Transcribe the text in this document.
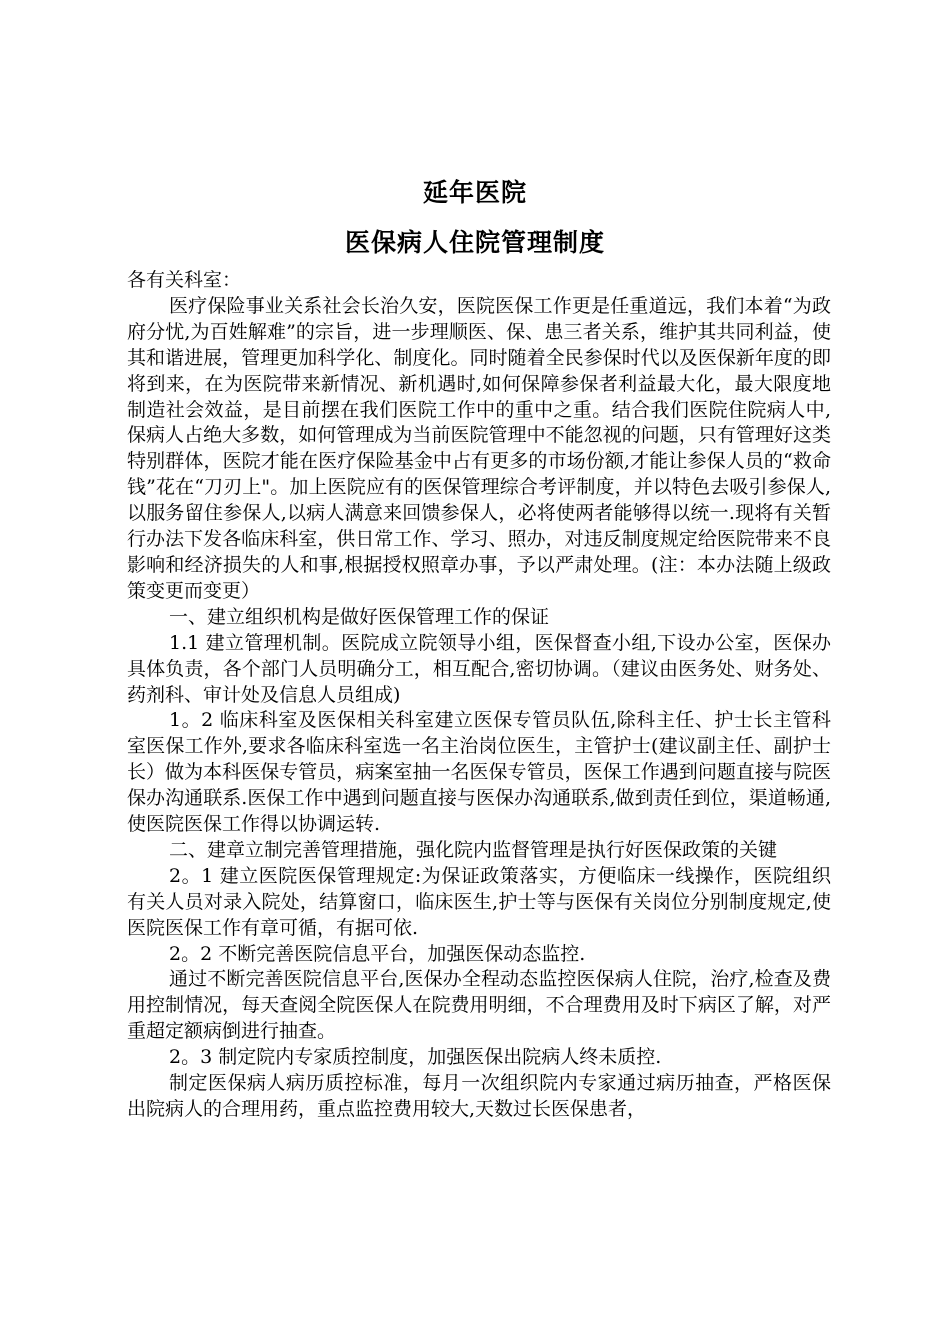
延年医院
医保病人住院管理制度

各有关科室：

医疗保险事业关系社会长治久安，医院医保工作更是任重道远，我们本着“为政府分忧,为百姓解难”的宗旨，进一步理顺医、保、患三者关系，维护其共同利益，使其和谐进展，管理更加科学化、制度化。同时随着全民参保时代以及医保新年度的即将到来，在为医院带来新情况、新机遇时,如何保障参保者利益最大化，最大限度地制造社会效益，是目前摆在我们医院工作中的重中之重。结合我们医院住院病人中,保病人占绝大多数，如何管理成为当前医院管理中不能忽视的问题，只有管理好这类特别群体，医院才能在医疗保险基金中占有更多的市场份额,才能让参保人员的“救命钱”花在“刀刃上"。加上医院应有的医保管理综合考评制度，并以特色去吸引参保人,以服务留住参保人,以病人满意来回馈参保人，必将使两者能够得以统一.现将有关暂行办法下发各临床科室，供日常工作、学习、照办，对违反制度规定给医院带来不良影响和经济损失的人和事,根据授权照章办事，予以严肃处理。(注：本办法随上级政策变更而变更）

一、建立组织机构是做好医保管理工作的保证

1.1 建立管理机制。医院成立院领导小组，医保督查小组,下设办公室，医保办具体负责，各个部门人员明确分工，相互配合,密切协调。（建议由医务处、财务处、药剂科、审计处及信息人员组成)

1。2 临床科室及医保相关科室建立医保专管员队伍,除科主任、护士长主管科室医保工作外,要求各临床科室选一名主治岗位医生，主管护士(建议副主任、副护士长）做为本科医保专管员，病案室抽一名医保专管员，医保工作遇到问题直接与院医保办沟通联系.医保工作中遇到问题直接与医保办沟通联系,做到责任到位，渠道畅通,使医院医保工作得以协调运转.

二、建章立制完善管理措施，强化院内监督管理是执行好医保政策的关键

2。1 建立医院医保管理规定:为保证政策落实，方便临床一线操作，医院组织有关人员对录入院处，结算窗口，临床医生,护士等与医保有关岗位分别制度规定,使医院医保工作有章可循，有据可依.

2。2 不断完善医院信息平台，加强医保动态监控.

通过不断完善医院信息平台,医保办全程动态监控医保病人住院，治疗,检查及费用控制情况，每天查阅全院医保人在院费用明细，不合理费用及时下病区了解，对严重超定额病倒进行抽查。

2。3 制定院内专家质控制度，加强医保出院病人终未质控.

制定医保病人病历质控标准，每月一次组织院内专家通过病历抽查，严格医保出院病人的合理用药，重点监控费用较大,天数过长医保患者，
